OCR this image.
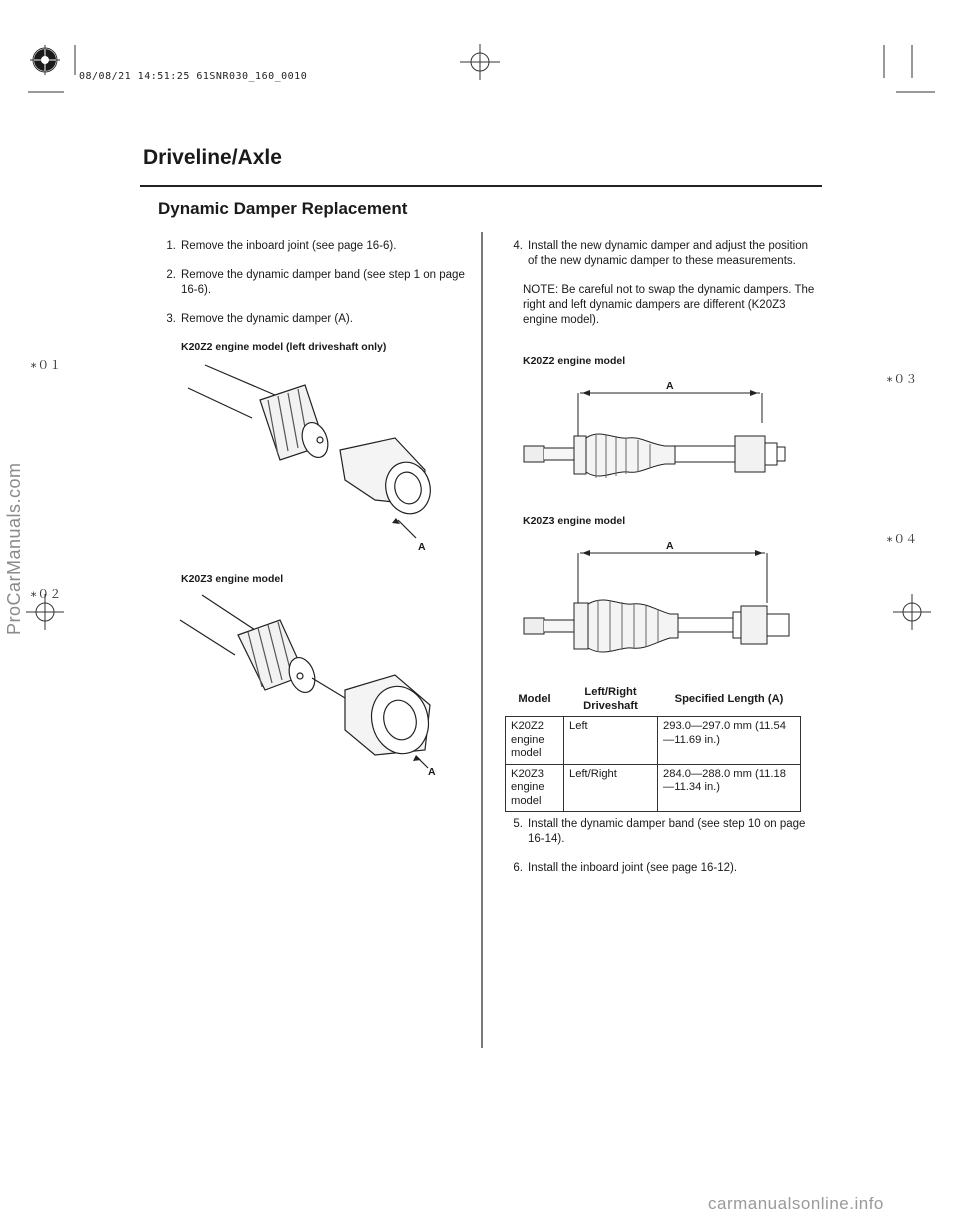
08/08/21 14:51:25 61SNR030_160_0010
Driveline/Axle
Dynamic Damper Replacement
1. Remove the inboard joint (see page 16-6).
2. Remove the dynamic damper band (see step 1 on page 16-6).
3. Remove the dynamic damper (A).
K20Z2 engine model (left driveshaft only)
A
K20Z3 engine model
A
4. Install the new dynamic damper and adjust the position of the new dynamic damper to these measurements.
NOTE: Be careful not to swap the dynamic dampers. The right and left dynamic dampers are different (K20Z3 engine model).
K20Z2 engine model
A
K20Z3 engine model
A
Model	Left/Right Driveshaft	Specified Length (A)
K20Z2 engine model	Left	293.0—297.0 mm (11.54—11.69 in.)
K20Z3 engine model	Left/Right	284.0—288.0 mm (11.18—11.34 in.)
5. Install the dynamic damper band (see step 10 on page 16-14).
6. Install the inboard joint (see page 16-12).
∗０１
∗０２
∗０３
∗０４
ProCarManuals.com
carmanualsonline.info
